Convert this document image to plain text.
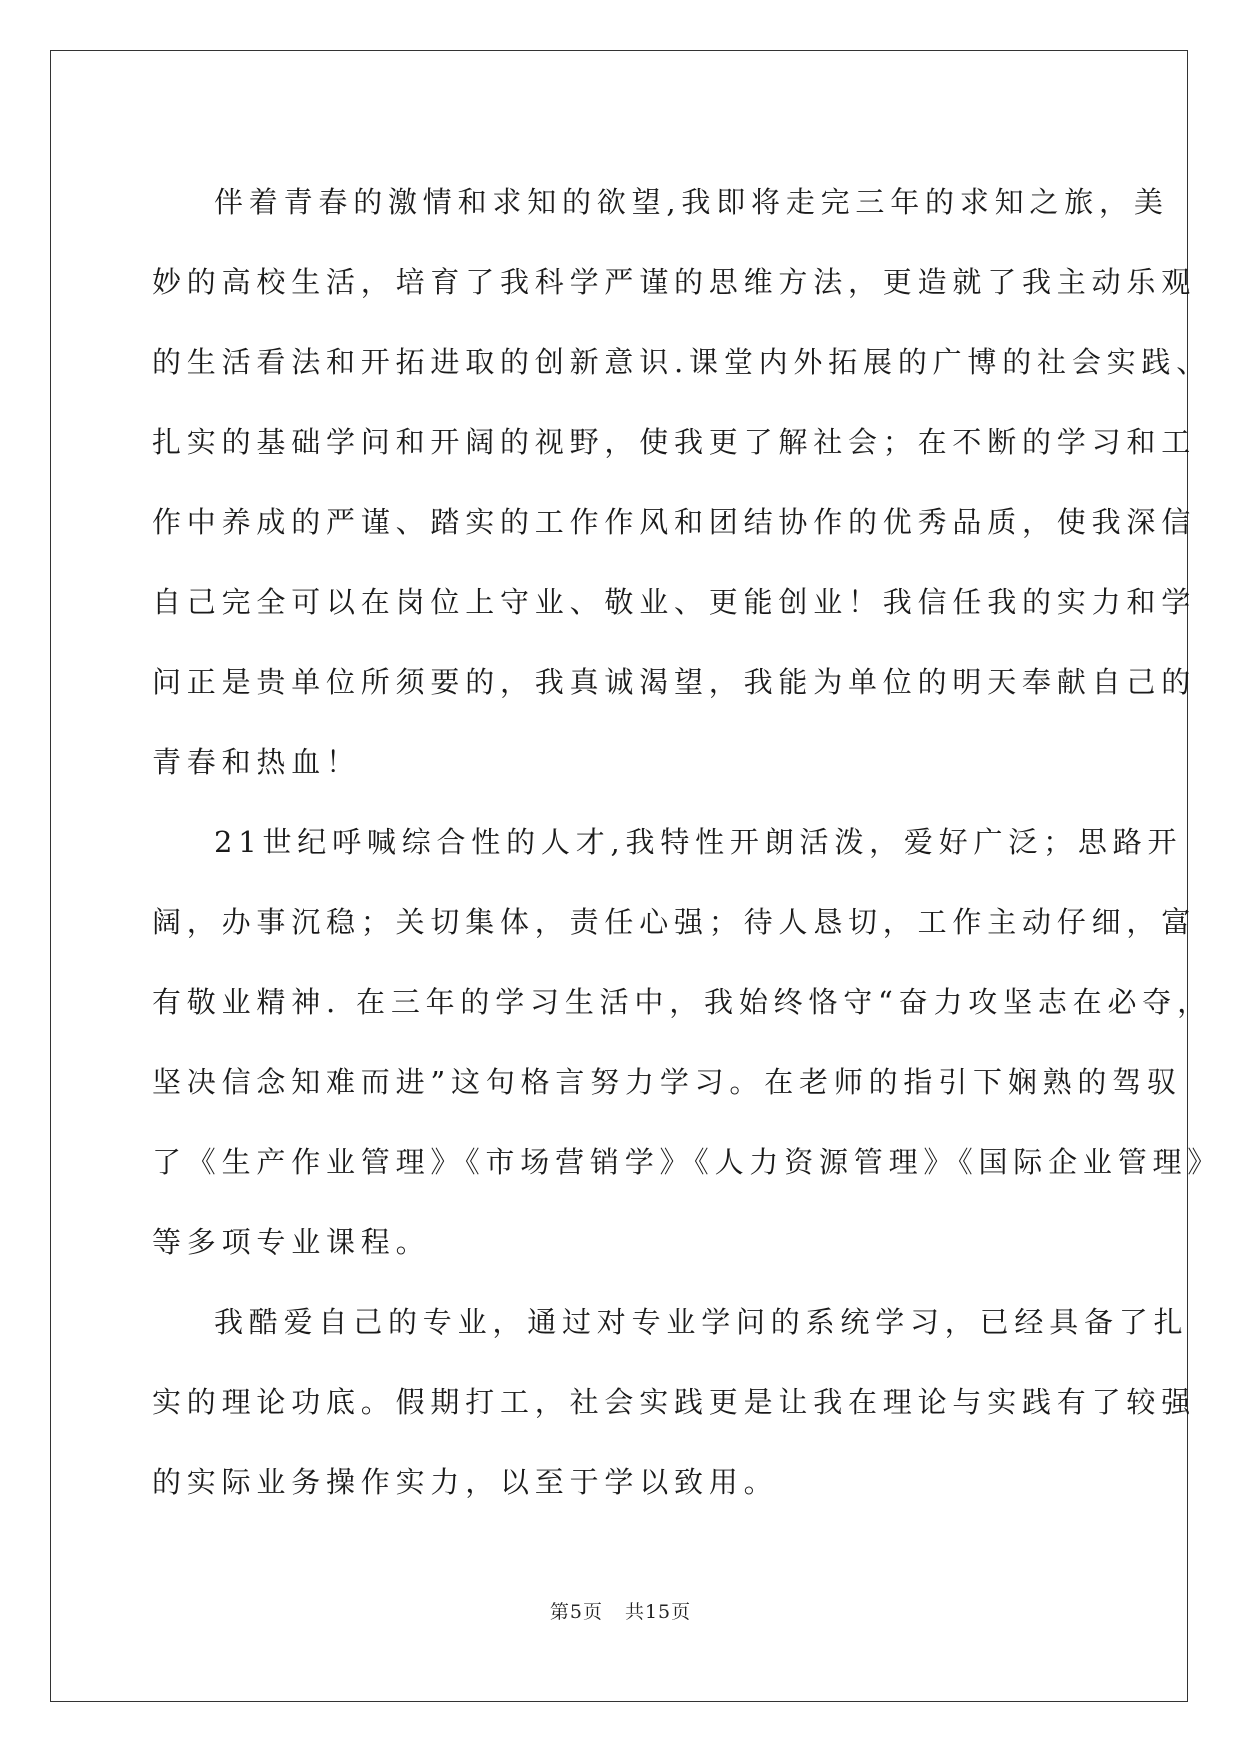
伴着青春的激情和求知的欲望,我即将走完三年的求知之旅，美
妙的高校生活，培育了我科学严谨的思维方法，更造就了我主动乐观
的生活看法和开拓进取的创新意识.课堂内外拓展的广博的社会实践、
扎实的基础学问和开阔的视野，使我更了解社会；在不断的学习和工
作中养成的严谨、踏实的工作作风和团结协作的优秀品质，使我深信
自己完全可以在岗位上守业、敬业、更能创业！我信任我的实力和学
问正是贵单位所须要的，我真诚渴望，我能为单位的明天奉献自己的
青春和热血！

21世纪呼喊综合性的人才,我特性开朗活泼，爱好广泛；思路开
阔，办事沉稳；关切集体，责任心强；待人恳切，工作主动仔细，富
有敬业精神. 在三年的学习生活中，我始终恪守“奋力攻坚志在必夺，
坚决信念知难而进”这句格言努力学习。在老师的指引下娴熟的驾驭
了《生产作业管理》《市场营销学》《人力资源管理》《国际企业管理》
等多项专业课程。

我酷爱自己的专业，通过对专业学问的系统学习，已经具备了扎
实的理论功底。假期打工，社会实践更是让我在理论与实践有了较强
的实际业务操作实力，以至于学以致用。

第5页 共15页
